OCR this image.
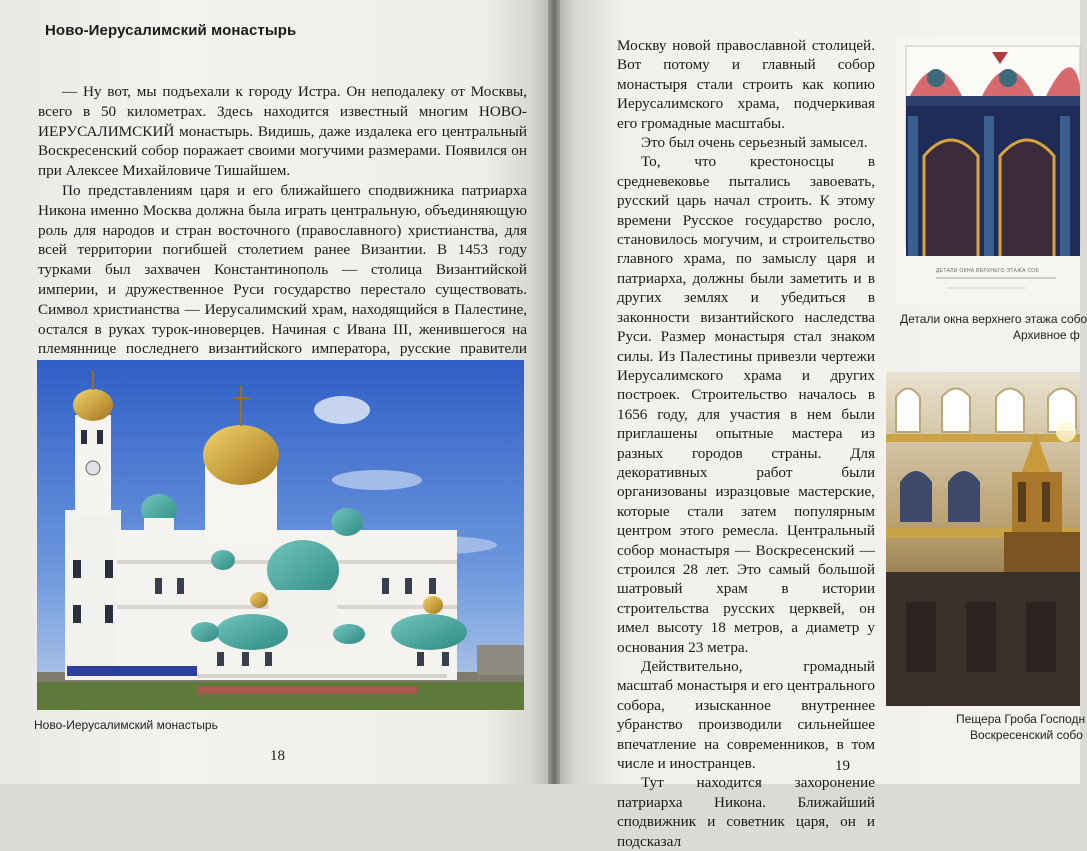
Ново-Иерусалимский монастырь

— Ну вот, мы подъехали к городу Истра. Он неподалеку от Москвы, всего в 50 километрах. Здесь находится известный многим НОВО-ИЕРУСАЛИМСКИЙ монастырь. Видишь, даже издалека его центральный Воскресенский собор поражает своими могучими размерами. Появился он при Алексее Михайловиче Тишайшем.

По представлениям царя и его ближайшего сподвижника патриарха Никона именно Москва должна была играть центральную, объединяющую роль для народов и стран восточного (православного) христианства, для всей территории погибшей столетием ранее Византии. В 1453 году турками был захвачен Константинополь — столица Византийской империи, и дружественное Руси государство перестало существовать. Символ христианства — Иерусалимский храм, находящийся в Палестине, остался в руках турок-иноверцев. Начиная с Ивана III, женившегося на племяннице последнего византийского императора, русские правители

Ново-Иерусалимский монастырь
18

Москву новой православной столицей. Вот потому и главный собор монастыря стали строить как копию Иерусалимского храма, подчеркивая его громадные масштабы.

Это был очень серьезный замысел.

То, что крестоносцы в средневековье пытались завоевать, русский царь начал строить. К этому времени Русское государство росло, становилось могучим, и строительство главного храма, по замыслу царя и патриарха, должны были заметить и в других землях и убедиться в законности византийского наследства Руси. Размер монастыря стал знаком силы. Из Палестины привезли чертежи Иерусалимского храма и других построек. Строительство началось в 1656 году, для участия в нем были приглашены опытные мастера из разных городов страны. Для декоративных работ были организованы изразцовые мастерские, которые стали затем популярным центром этого ремесла. Центральный собор монастыря — Воскресенский — строился 28 лет. Это самый большой шатровый храм в истории строительства русских церквей, он имел высоту 18 метров, а диаметр у основания 23 метра.

Действительно, громадный масштаб монастыря и его центрального собора, изысканное внутреннее убранство производили сильнейшее впечатление на современников, в том числе и иностранцев.

Тут находится захоронение патриарха Никона. Ближайший сподвижник и советник царя, он и подсказал

ДЕТАЛИ ОКНА ВЕРХНЕГО ЭТАЖА СОБ
Детали окна верхнего этажа собо
Архивное ф
Пещера Гроба Господн
Воскресенский собо
19
